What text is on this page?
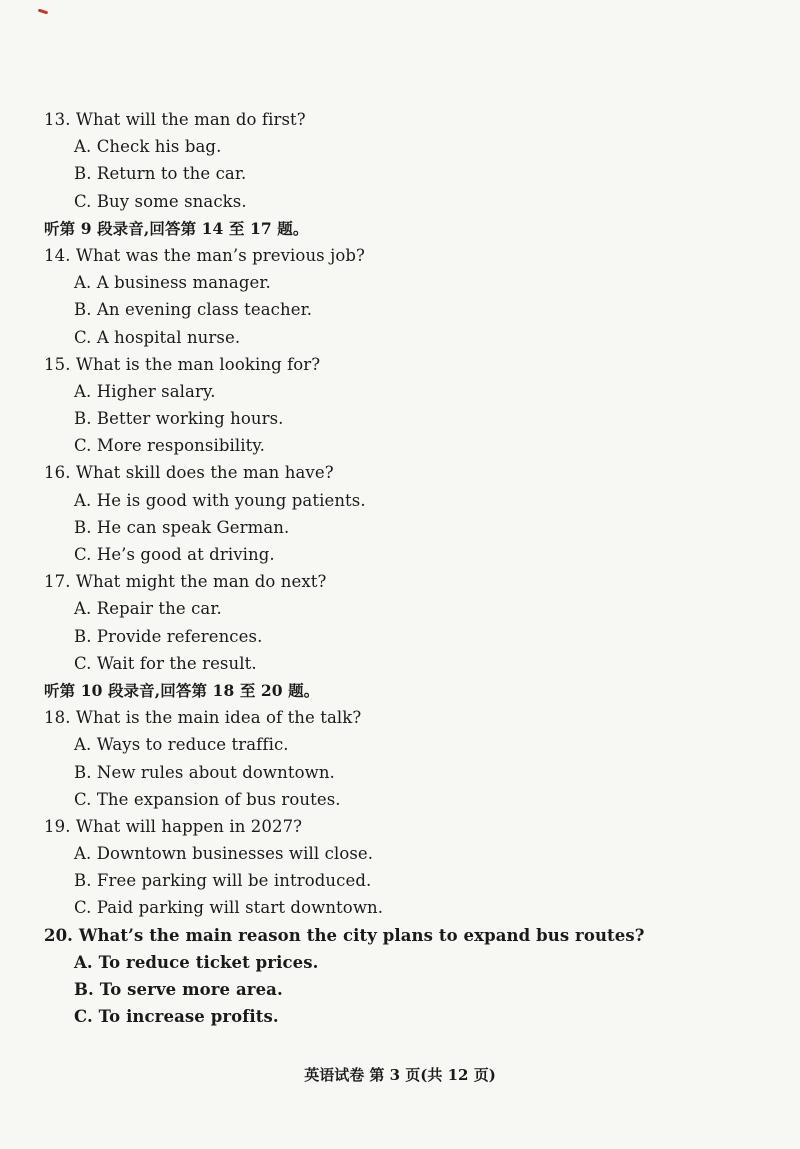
13. What will the man do first?
A. Check his bag.
B. Return to the car.
C. Buy some snacks.
听第 9 段录音,回答第 14 至 17 题。
14. What was the man’s previous job?
A. A business manager.
B. An evening class teacher.
C. A hospital nurse.
15. What is the man looking for?
A. Higher salary.
B. Better working hours.
C. More responsibility.
16. What skill does the man have?
A. He is good with young patients.
B. He can speak German.
C. He’s good at driving.
17. What might the man do next?
A. Repair the car.
B. Provide references.
C. Wait for the result.
听第 10 段录音,回答第 18 至 20 题。
18. What is the main idea of the talk?
A. Ways to reduce traffic.
B. New rules about downtown.
C. The expansion of bus routes.
19. What will happen in 2027?
A. Downtown businesses will close.
B. Free parking will be introduced.
C. Paid parking will start downtown.
20. What’s the main reason the city plans to expand bus routes?
A. To reduce ticket prices.
B. To serve more area.
C. To increase profits.
英语试卷 第 3 页(共 12 页)
